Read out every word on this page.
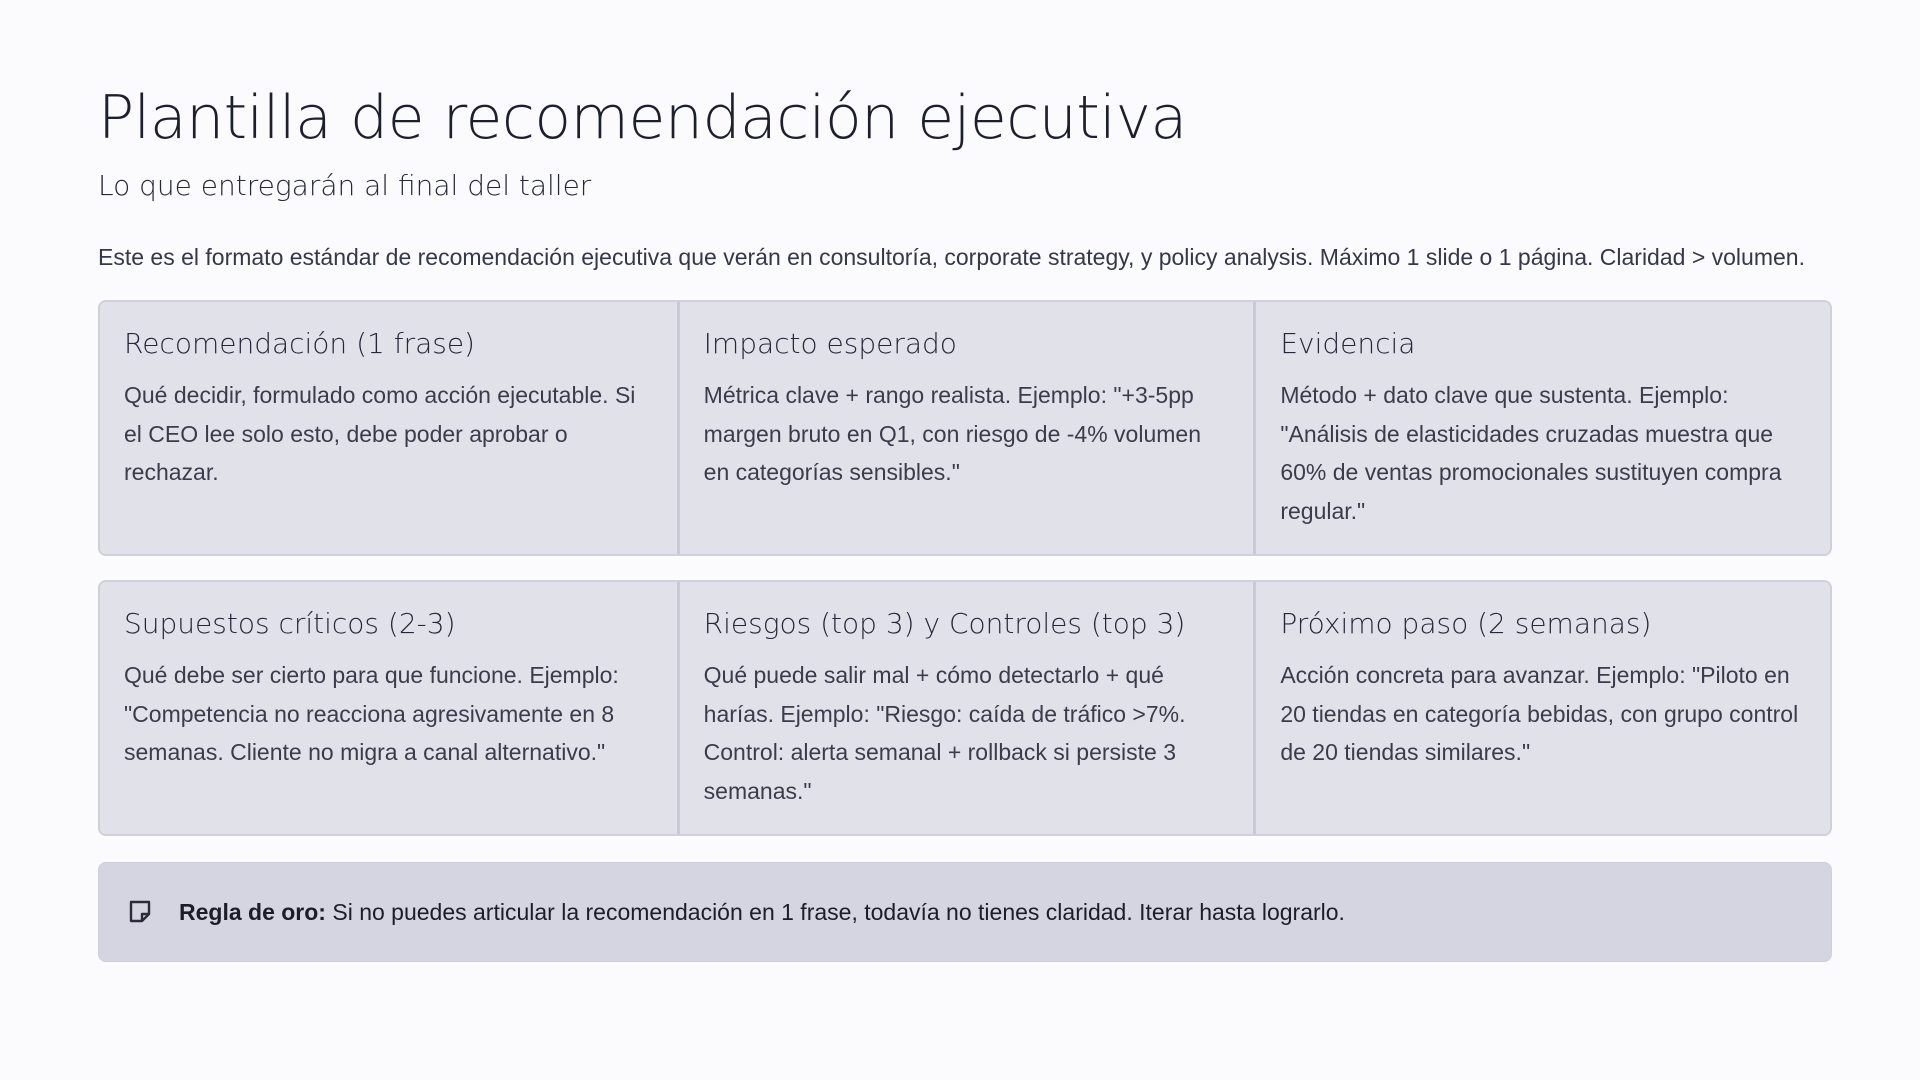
Plantilla de recomendación ejecutiva
Lo que entregarán al final del taller

Este es el formato estándar de recomendación ejecutiva que verán en consultoría, corporate strategy, y policy analysis. Máximo 1 slide o 1 página. Claridad > volumen.

Recomendación (1 frase)

Qué decidir, formulado como acción ejecutable. Si el CEO lee solo esto, debe poder aprobar o rechazar.

Impacto esperado

Métrica clave + rango realista. Ejemplo: "+3-5pp margen bruto en Q1, con riesgo de -4% volumen en categorías sensibles."

Evidencia

Método + dato clave que sustenta. Ejemplo: "Análisis de elasticidades cruzadas muestra que 60% de ventas promocionales sustituyen compra regular."

Supuestos críticos (2-3)

Qué debe ser cierto para que funcione. Ejemplo: "Competencia no reacciona agresivamente en 8 semanas. Cliente no migra a canal alternativo."

Riesgos (top 3) y Controles (top 3)

Qué puede salir mal + cómo detectarlo + qué harías. Ejemplo: "Riesgo: caída de tráfico >7%. Control: alerta semanal + rollback si persiste 3 semanas."

Próximo paso (2 semanas)

Acción concreta para avanzar. Ejemplo: "Piloto en 20 tiendas en categoría bebidas, con grupo control de 20 tiendas similares."

Regla de oro: Si no puedes articular la recomendación en 1 frase, todavía no tienes claridad. Iterar hasta lograrlo.
